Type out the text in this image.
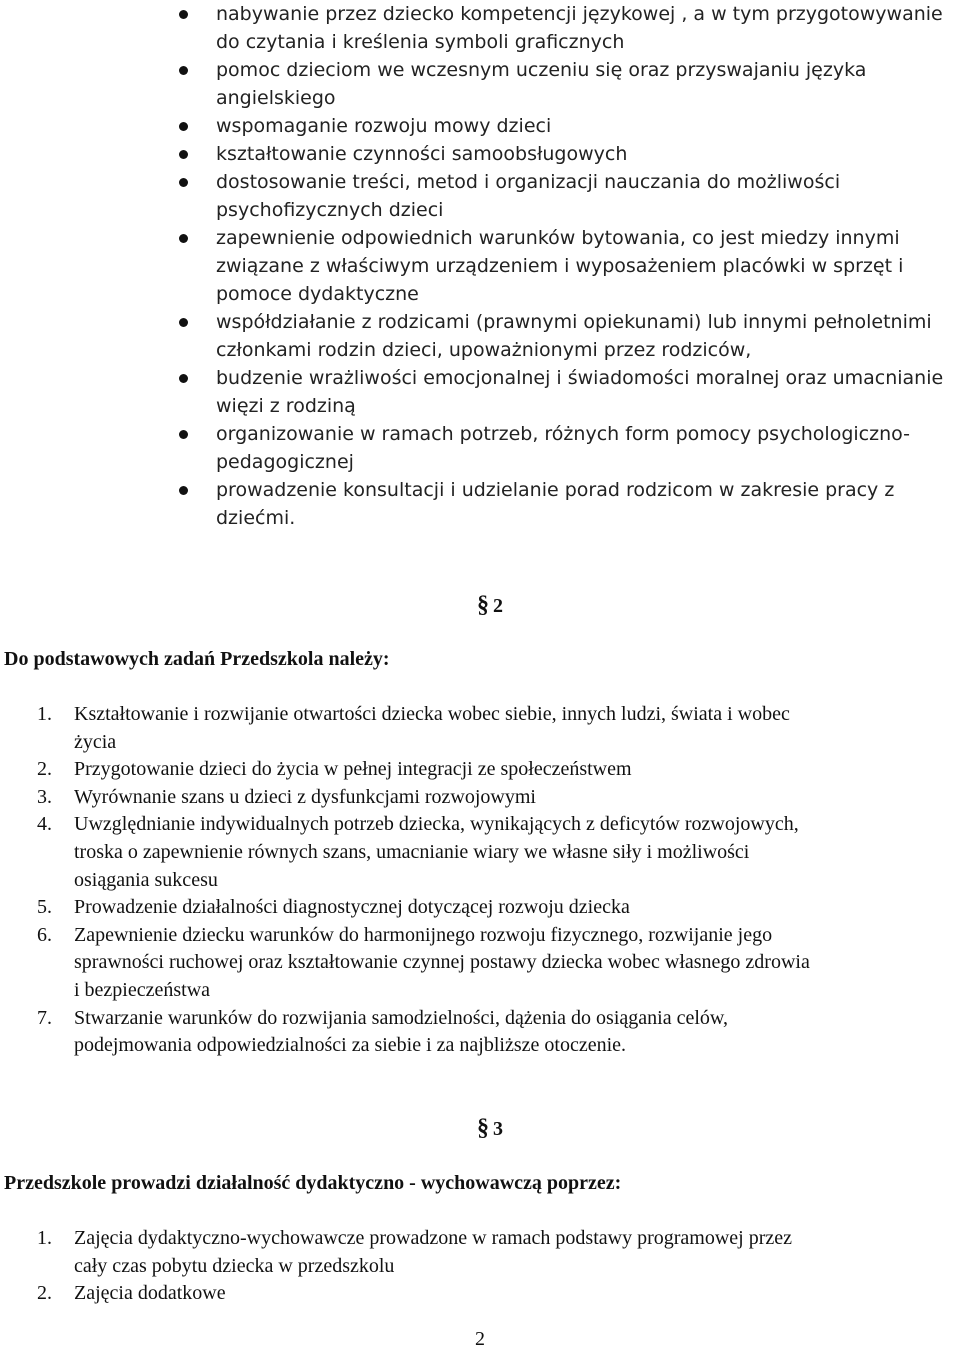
nabywanie przez dziecko kompetencji językowej , a w tym przygotowywanie
do czytania i kreślenia symboli graficznych
pomoc dzieciom we wczesnym uczeniu się oraz przyswajaniu języka
angielskiego
wspomaganie rozwoju mowy dzieci
kształtowanie czynności samoobsługowych
dostosowanie treści, metod i organizacji nauczania do możliwości
psychofizycznych dzieci
zapewnienie odpowiednich warunków bytowania, co jest miedzy innymi
związane z właściwym urządzeniem i wyposażeniem placówki w sprzęt i
pomoce dydaktyczne
współdziałanie z rodzicami (prawnymi opiekunami) lub innymi pełnoletnimi
członkami rodzin dzieci, upoważnionymi przez rodziców,
budzenie wrażliwości emocjonalnej i świadomości moralnej oraz umacnianie
więzi z rodziną
organizowanie w ramach potrzeb, różnych form pomocy psychologiczno-
pedagogicznej
prowadzenie konsultacji i udzielanie porad rodzicom w zakresie pracy z
dziećmi.
§ 2
Do podstawowych zadań Przedszkola należy:
1. Kształtowanie i rozwijanie otwartości dziecka wobec siebie, innych ludzi, świata i wobec
życia
2. Przygotowanie dzieci do życia w pełnej integracji ze społeczeństwem
3. Wyrównanie szans u dzieci z dysfunkcjami rozwojowymi
4. Uwzględnianie indywidualnych potrzeb dziecka, wynikających z deficytów rozwojowych,
troska o zapewnienie równych szans, umacnianie wiary we własne siły i możliwości
osiągania sukcesu
5. Prowadzenie działalności diagnostycznej dotyczącej rozwoju dziecka
6. Zapewnienie dziecku warunków do harmonijnego rozwoju fizycznego, rozwijanie jego
sprawności ruchowej oraz kształtowanie czynnej postawy dziecka wobec własnego zdrowia
i bezpieczeństwa
7. Stwarzanie warunków do rozwijania samodzielności, dążenia do osiągania celów,
podejmowania odpowiedzialności za siebie i za najbliższe otoczenie.
§ 3
Przedszkole prowadzi działalność dydaktyczno - wychowawczą poprzez:
1. Zajęcia dydaktyczno-wychowawcze prowadzone w ramach podstawy programowej przez
cały czas pobytu dziecka w przedszkolu
2. Zajęcia dodatkowe
2
